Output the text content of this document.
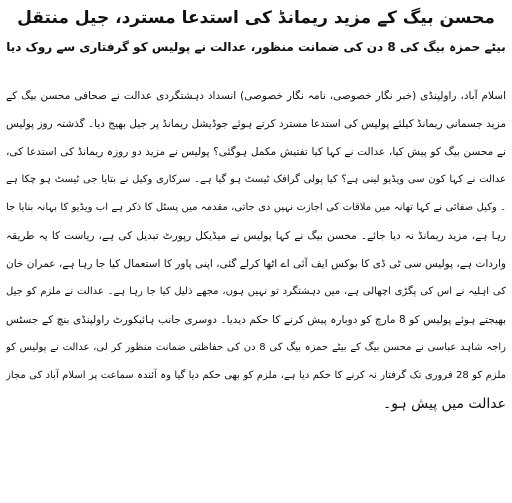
محسن بیگ کے مزید ریمانڈ کی استدعا مسترد، جیل منتقل
بیٹے حمزہ بیگ کی 8 دن کی ضمانت منظور، عدالت نے پولیس کو گرفتاری سے روک دیا
اسلام آباد، راولپنڈی (خبر نگار خصوصی، نامہ نگار خصوصی) انسداد دہشتگردی عدالت نے صحافی محسن بیگ کے
مزید جسمانی ریمانڈ کیلئے پولیس کی استدعا مسترد کرتے ہوئے جوڈیشل ریمانڈ پر جیل بھیج دیا۔ گذشتہ روز پولیس
نے محسن بیگ کو پیش کیا، عدالت نے کہا کیا تفتیش مکمل ہوگئی؟ پولیس نے مزید دو روزہ ریمانڈ کی استدعا کی،
عدالت نے کہا کون سی ویڈیو لینی ہے؟ کیا پولی گرافک ٹیسٹ ہو گیا ہے۔ سرکاری وکیل نے بتایا جی ٹیسٹ ہو چکا ہے
۔ وکیل صفائی نے کہا تھانہ میں ملاقات کی اجازت نہیں دی جاتی، مقدمہ میں پسٹل کا ذکر ہے اب ویڈیو کا بہانہ بنایا جا
رہا ہے، مزید ریمانڈ نہ دیا جائے۔ محسن بیگ نے کہا پولیس نے میڈیکل رپورٹ تبدیل کی ہے، ریاست کا یہ طریقہ
واردات ہے، پولیس سی ٹی ڈی کا بوکس ایف آئی اے اٹھا کرلے گئی، اپنی پاور کا استعمال کیا جا رہا ہے، عمران خان
کی اہلیہ نے اس کی پگڑی اچھالی ہے، میں دہشتگرد تو نہیں ہوں، مجھے ذلیل کیا جا رہا ہے۔ عدالت نے ملزم کو جیل
بھیجتے ہوئے پولیس کو 8 مارچ کو دوبارہ پیش کرنے کا حکم دیدیا۔ دوسری جانب ہائیکورٹ راولپنڈی بنچ کے جسٹس
راجہ شاہد عباسی نے محسن بیگ کے بیٹے حمزہ بیگ کی 8 دن کی حفاظتی ضمانت منظور کر لی، عدالت نے پولیس کو
ملزم کو 28 فروری تک گرفتار نہ کرنے کا حکم دیا ہے، ملزم کو بھی حکم دیا گیا وہ آئندہ سماعت پر اسلام آباد کی مجاز
عدالت میں پیش ہو۔
